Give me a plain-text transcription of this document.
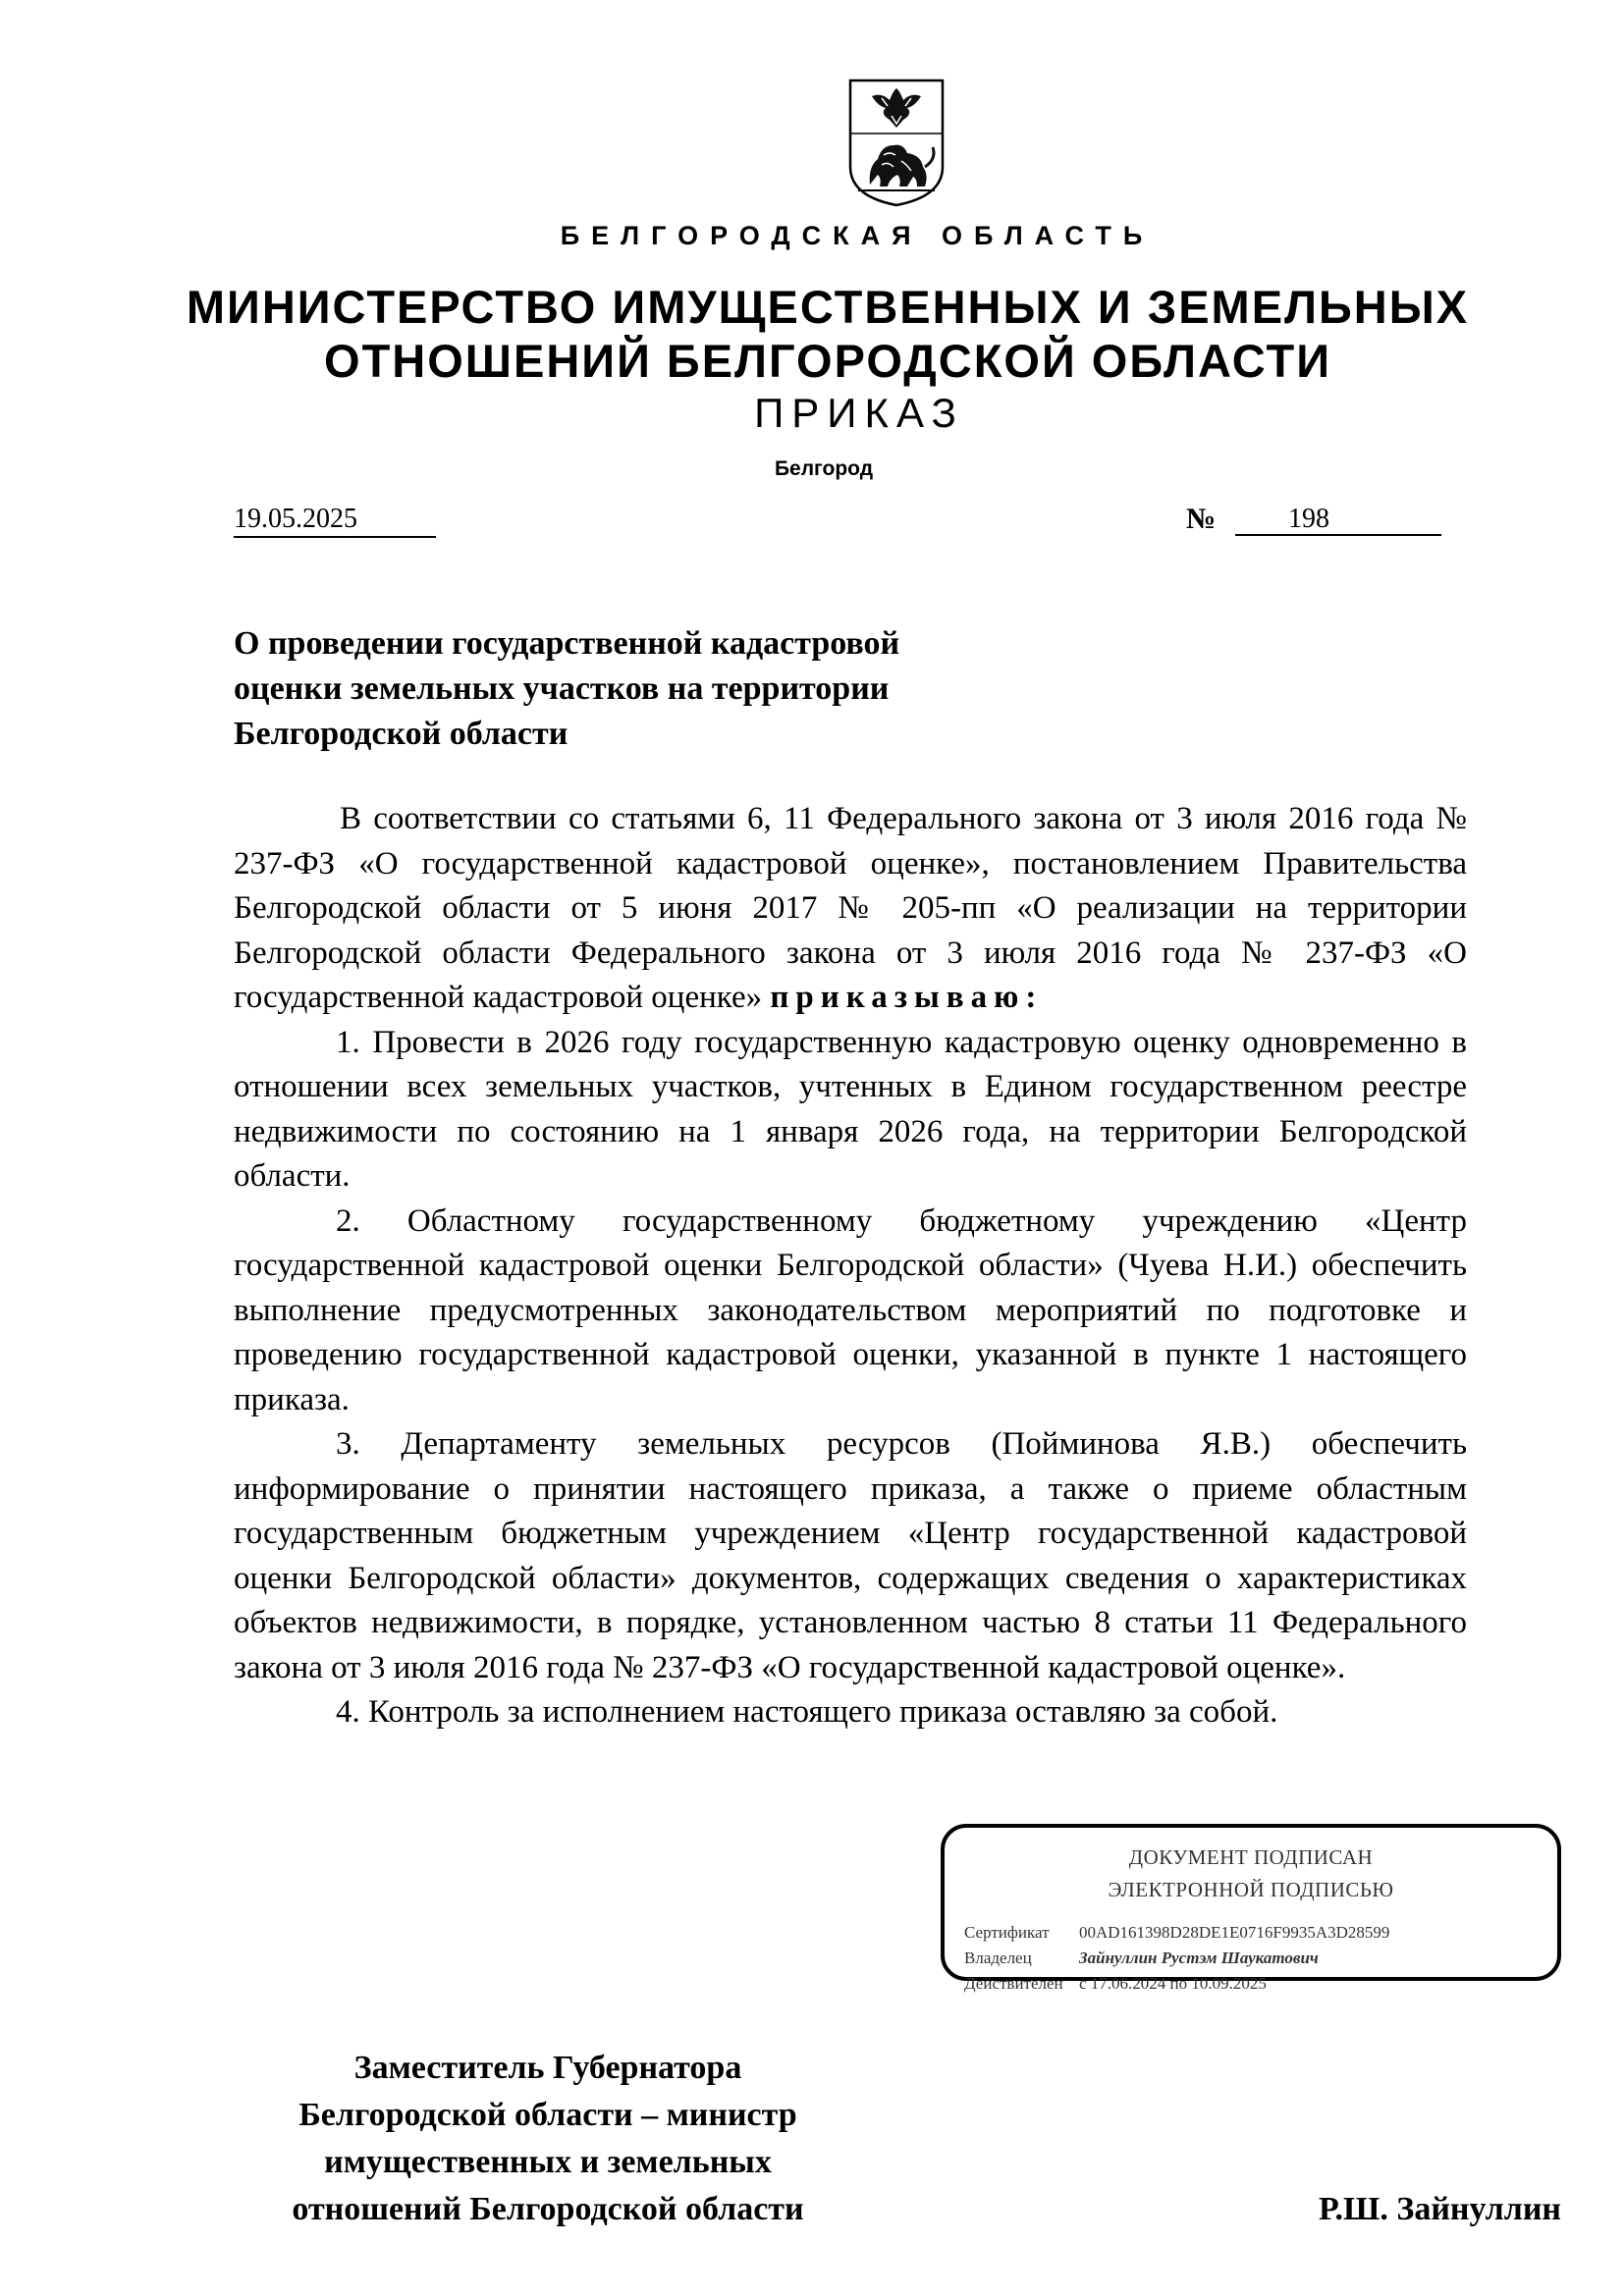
БЕЛГОРОДСКАЯ ОБЛАСТЬ
МИНИСТЕРСТВО ИМУЩЕСТВЕННЫХ И ЗЕМЕЛЬНЫХ
ОТНОШЕНИЙ БЕЛГОРОДСКОЙ ОБЛАСТИ
ПРИКАЗ
Белгород
19.05.2025	№	198
О проведении государственной кадастровой
оценки земельных участков на территории
Белгородской области

В соответствии со статьями 6, 11 Федерального закона от 3 июля 2016 года № 237-ФЗ «О государственной кадастровой оценке», постановлением Правительства Белгородской области от 5 июня 2017 № 205-пп «О реализации на территории Белгородской области Федерального закона от 3 июля 2016 года № 237-ФЗ «О государственной кадастровой оценке» приказываю:

1. Провести в 2026 году государственную кадастровую оценку одновременно в отношении всех земельных участков, учтенных в Едином государственном реестре недвижимости по состоянию на 1 января 2026 года, на территории Белгородской области.

2. Областному государственному бюджетному учреждению «Центр государственной кадастровой оценки Белгородской области» (Чуева Н.И.) обеспечить выполнение предусмотренных законодательством мероприятий по подготовке и проведению государственной кадастровой оценки, указанной в пункте 1 настоящего приказа.

3. Департаменту земельных ресурсов (Пойминова Я.В.) обеспечить информирование о принятии настоящего приказа, а также о приеме областным государственным бюджетным учреждением «Центр государственной кадастровой оценки Белгородской области» документов, содержащих сведения о характеристиках объектов недвижимости, в порядке, установленном частью 8 статьи 11 Федерального закона от 3 июля 2016 года № 237-ФЗ «О государственной кадастровой оценке».

4. Контроль за исполнением настоящего приказа оставляю за собой.

ДОКУМЕНТ ПОДПИСАН
ЭЛЕКТРОННОЙ ПОДПИСЬЮ
Сертификат 00AD161398D28DE1E0716F9935A3D28599
Владелец	Зайнуллин Рустэм Шаукатович
Действителен с 17.06.2024 по 10.09.2025
Заместитель Губернатора
Белгородской области – министр
имущественных и земельных
отношений Белгородской области	Р.Ш. Зайнуллин
